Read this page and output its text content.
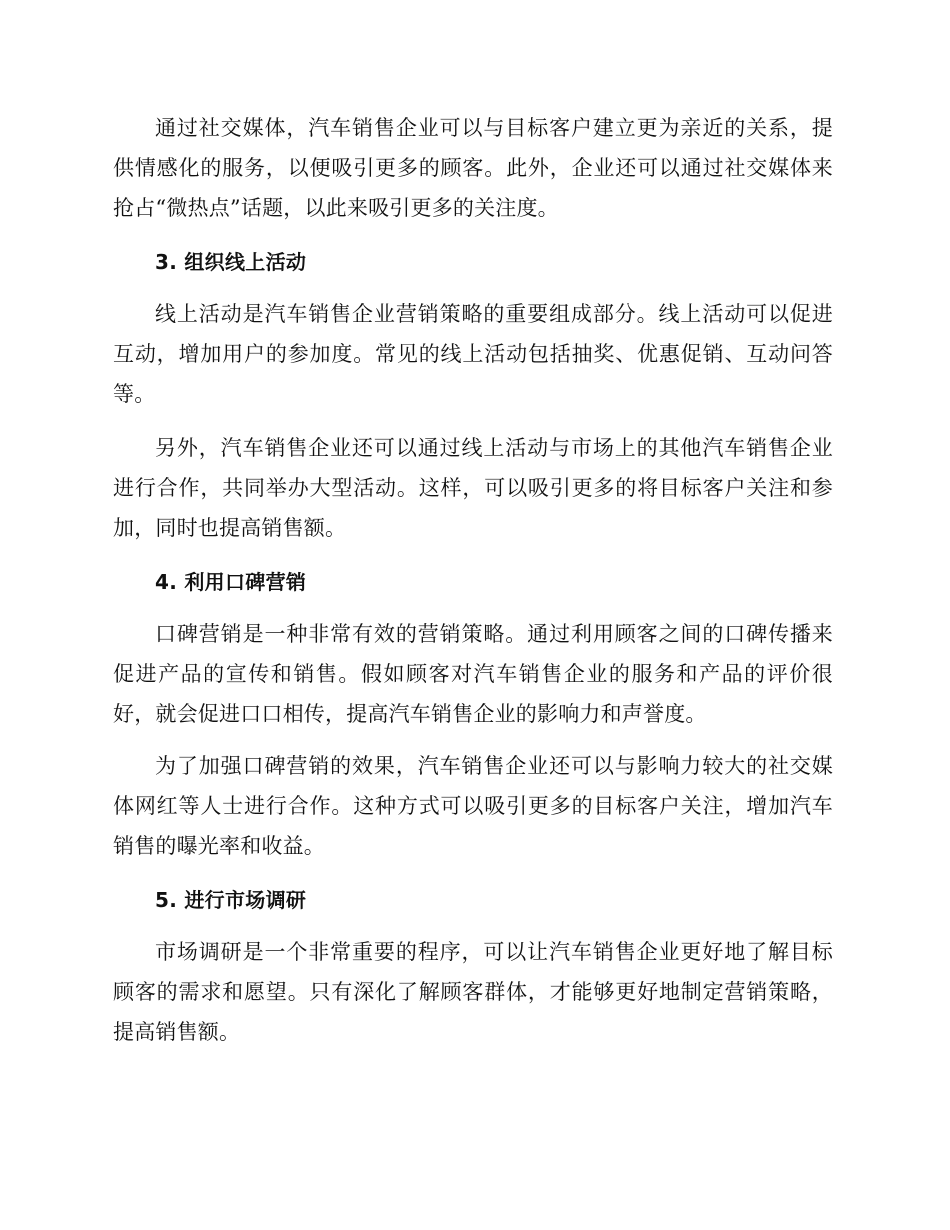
通过社交媒体，汽车销售企业可以与目标客户建立更为亲近的关系，提供情感化的服务，以便吸引更多的顾客。此外，企业还可以通过社交媒体来抢占“微热点”话题，以此来吸引更多的关注度。

3. 组织线上活动

线上活动是汽车销售企业营销策略的重要组成部分。线上活动可以促进互动，增加用户的参加度。常见的线上活动包括抽奖、优惠促销、互动问答等。

另外，汽车销售企业还可以通过线上活动与市场上的其他汽车销售企业进行合作，共同举办大型活动。这样，可以吸引更多的将目标客户关注和参加，同时也提高销售额。

4. 利用口碑营销

口碑营销是一种非常有效的营销策略。通过利用顾客之间的口碑传播来促进产品的宣传和销售。假如顾客对汽车销售企业的服务和产品的评价很好，就会促进口口相传，提高汽车销售企业的影响力和声誉度。

为了加强口碑营销的效果，汽车销售企业还可以与影响力较大的社交媒体网红等人士进行合作。这种方式可以吸引更多的目标客户关注，增加汽车销售的曝光率和收益。

5. 进行市场调研

市场调研是一个非常重要的程序，可以让汽车销售企业更好地了解目标顾客的需求和愿望。只有深化了解顾客群体，才能够更好地制定营销策略，提高销售额。
